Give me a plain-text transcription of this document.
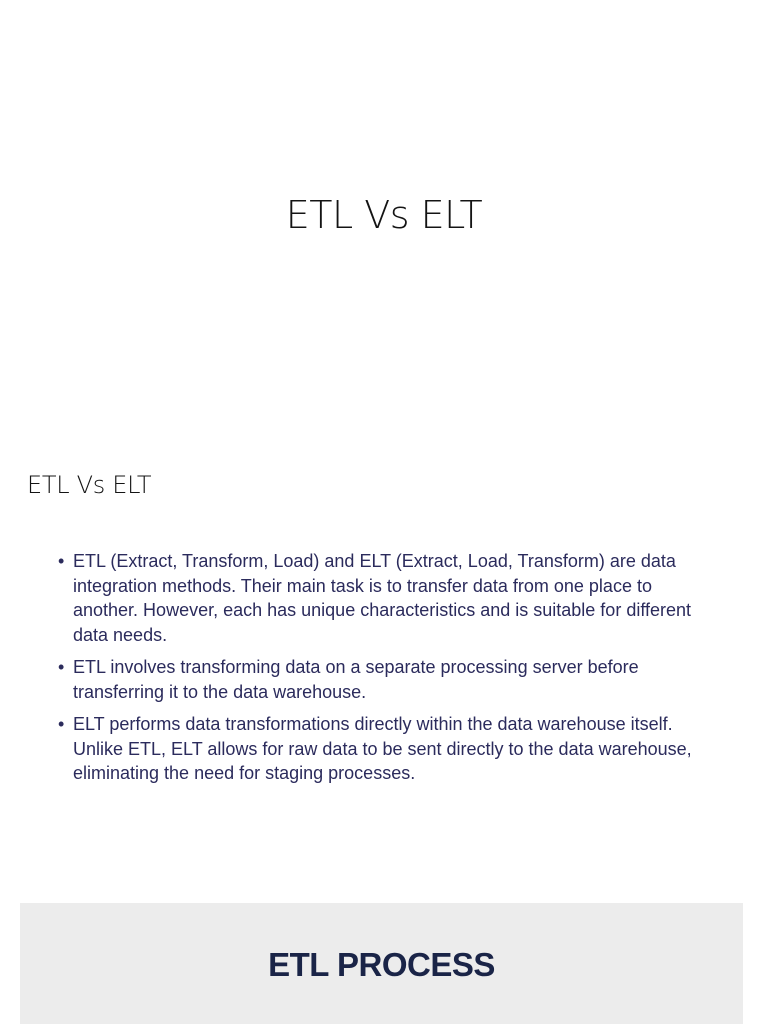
ETL Vs ELT
ETL Vs ELT
• ETL (Extract, Transform, Load) and ELT (Extract, Load, Transform) are data integration methods. Their main task is to transfer data from one place to another. However, each has unique characteristics and is suitable for different data needs.
• ETL involves transforming data on a separate processing server before transferring it to the data warehouse.
• ELT performs data transformations directly within the data warehouse itself. Unlike ETL, ELT allows for raw data to be sent directly to the data warehouse, eliminating the need for staging processes.
ETL PROCESS
